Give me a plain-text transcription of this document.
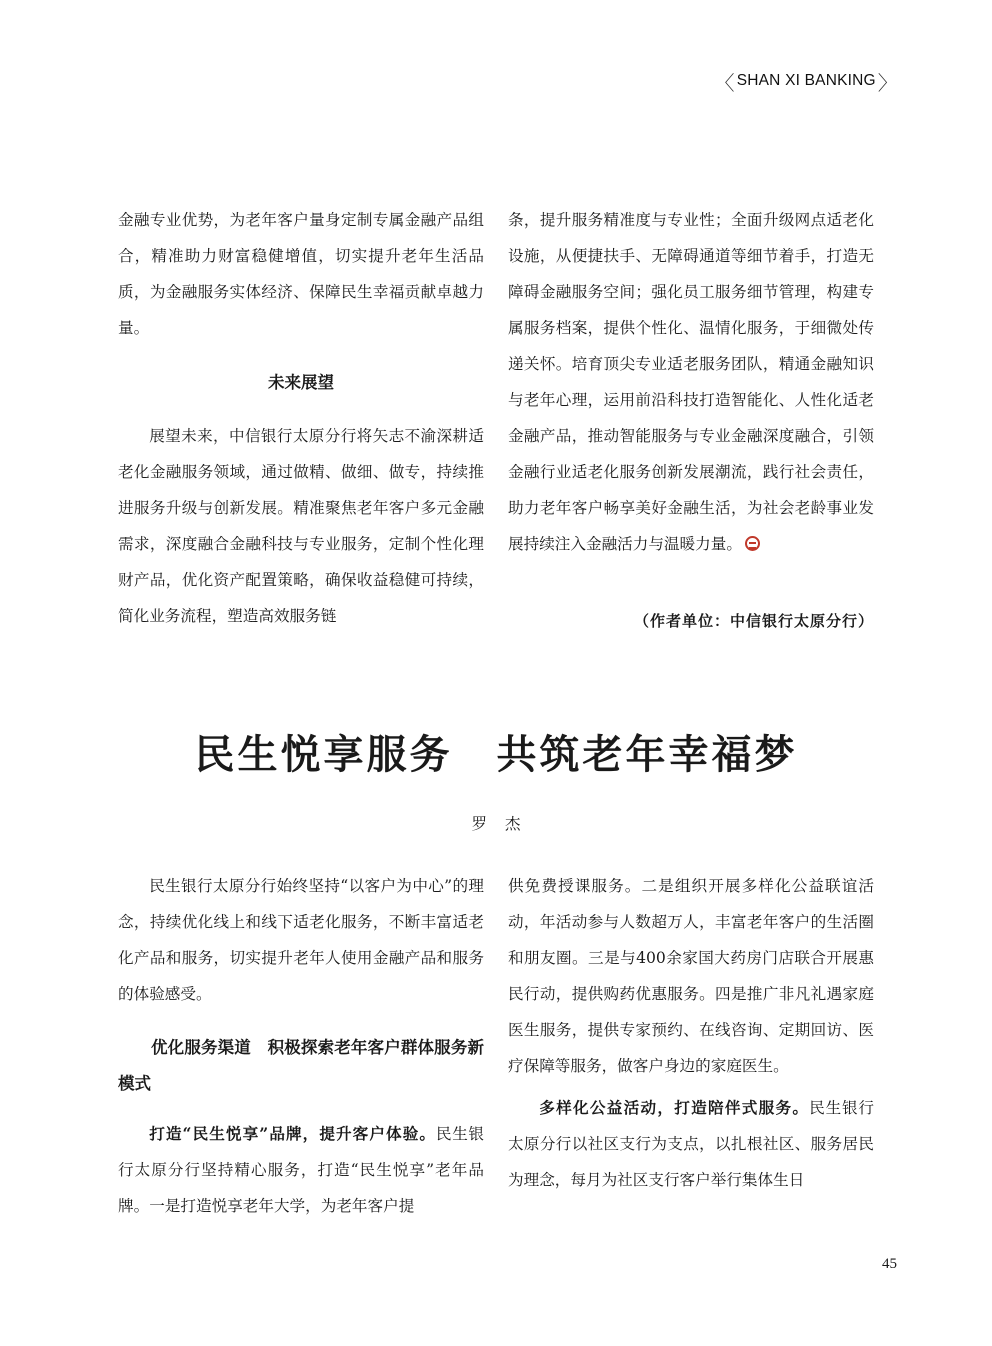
〈 SHAN XI BANKING 〉

金融专业优势，为老年客户量身定制专属金融产品组合，精准助力财富稳健增值，切实提升老年生活品质，为金融服务实体经济、保障民生幸福贡献卓越力量。

未来展望

展望未来，中信银行太原分行将矢志不渝深耕适老化金融服务领域，通过做精、做细、做专，持续推进服务升级与创新发展。精准聚焦老年客户多元金融需求，深度融合金融科技与专业服务，定制个性化理财产品，优化资产配置策略，确保收益稳健可持续，简化业务流程，塑造高效服务链

条，提升服务精准度与专业性；全面升级网点适老化设施，从便捷扶手、无障碍通道等细节着手，打造无障碍金融服务空间；强化员工服务细节管理，构建专属服务档案，提供个性化、温情化服务，于细微处传递关怀。培育顶尖专业适老服务团队，精通金融知识与老年心理，运用前沿科技打造智能化、人性化适老金融产品，推动智能服务与专业金融深度融合，引领金融行业适老化服务创新发展潮流，践行社会责任，助力老年客户畅享美好金融生活，为社会老龄事业发展持续注入金融活力与温暖力量。

（作者单位：中信银行太原分行）
民生悦享服务 共筑老年幸福梦
罗杰

民生银行太原分行始终坚持“以客户为中心”的理念，持续优化线上和线下适老化服务，不断丰富适老化产品和服务，切实提升老年人使用金融产品和服务的体验感受。

优化服务渠道　积极探索老年客户群体服务新模式

打造“民生悦享”品牌，提升客户体验。民生银行太原分行坚持精心服务，打造“民生悦享”老年品牌。一是打造悦享老年大学，为老年客户提

供免费授课服务。二是组织开展多样化公益联谊活动，年活动参与人数超万人，丰富老年客户的生活圈和朋友圈。三是与400余家国大药房门店联合开展惠民行动，提供购药优惠服务。四是推广非凡礼遇家庭医生服务，提供专家预约、在线咨询、定期回访、医疗保障等服务，做客户身边的家庭医生。

多样化公益活动，打造陪伴式服务。民生银行太原分行以社区支行为支点，以扎根社区、服务居民为理念，每月为社区支行客户举行集体生日

45
